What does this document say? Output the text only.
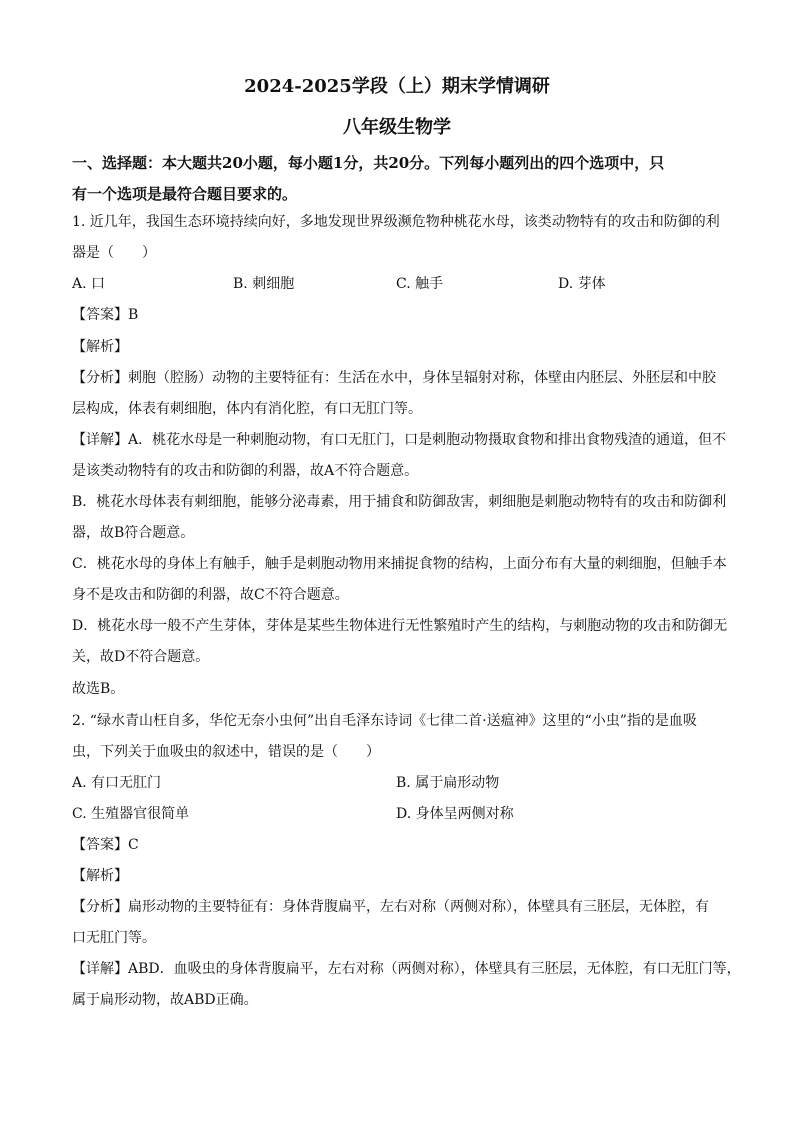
2024-2025学段（上）期末学情调研
八年级生物学
一、选择题：本大题共20小题，每小题1分，共20分。下列每小题列出的四个选项中，只
有一个选项是最符合题目要求的。
1. 近几年，我国生态环境持续向好，多地发现世界级濒危物种桃花水母，该类动物特有的攻击和防御的利
器是（　　）
A. 口	B. 刺细胞	C. 触手	D. 芽体
【答案】B
【解析】
【分析】刺胞（腔肠）动物的主要特征有：生活在水中，身体呈辐射对称，体壁由内胚层、外胚层和中胶
层构成，体表有刺细胞，体内有消化腔，有口无肛门等。
【详解】A．桃花水母是一种刺胞动物，有口无肛门，口是刺胞动物摄取食物和排出食物残渣的通道，但不
是该类动物特有的攻击和防御的利器，故A不符合题意。
B．桃花水母体表有刺细胞，能够分泌毒素，用于捕食和防御敌害，刺细胞是刺胞动物特有的攻击和防御利
器，故B符合题意。
C．桃花水母的身体上有触手，触手是刺胞动物用来捕捉食物的结构，上面分布有大量的刺细胞，但触手本
身不是攻击和防御的利器，故C不符合题意。
D．桃花水母一般不产生芽体，芽体是某些生物体进行无性繁殖时产生的结构，与刺胞动物的攻击和防御无
关，故D不符合题意。
故选B。
2. “绿水青山枉自多，华佗无奈小虫何”出自毛泽东诗词《七律二首·送瘟神》这里的“小虫”指的是血吸
虫，下列关于血吸虫的叙述中，错误的是（　　）
A. 有口无肛门	B. 属于扁形动物
C. 生殖器官很简单	D. 身体呈两侧对称
【答案】C
【解析】
【分析】扁形动物的主要特征有：身体背腹扁平，左右对称（两侧对称），体壁具有三胚层，无体腔，有
口无肛门等。
【详解】ABD．血吸虫的身体背腹扁平，左右对称（两侧对称），体壁具有三胚层，无体腔，有口无肛门等，
属于扁形动物，故ABD正确。
